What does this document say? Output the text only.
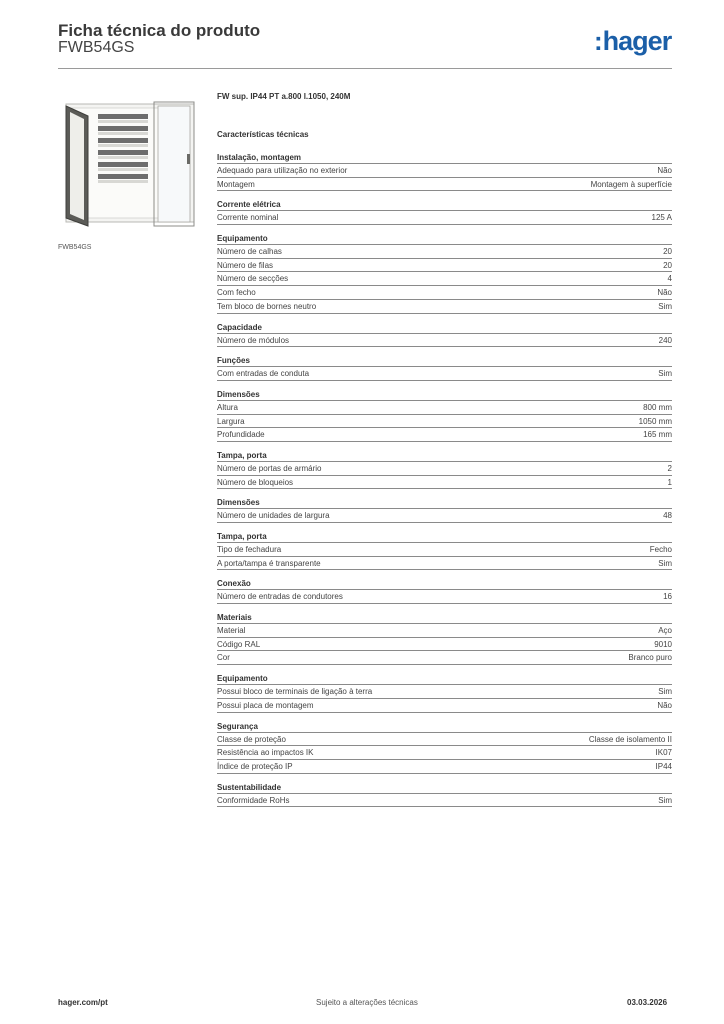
Ficha técnica do produto
FWB54GS	:hager
FWB54GS
FW sup. IP44 PT a.800 l.1050, 240M
Características técnicas
Instalação, montagem
Adequado para utilização no exterior	Não
Montagem	Montagem à superfície
Corrente elétrica
Corrente nominal	125 A
Equipamento
Número de calhas	20
Número de filas	20
Número de secções	4
Com fecho	Não
Tem bloco de bornes neutro	Sim
Capacidade
Número de módulos	240
Funções
Com entradas de conduta	Sim
Dimensões
Altura	800 mm
Largura	1050 mm
Profundidade	165 mm
Tampa, porta
Número de portas de armário	2
Número de bloqueios	1
Dimensões
Número de unidades de largura	48
Tampa, porta
Tipo de fechadura	Fecho
A porta/tampa é transparente	Sim
Conexão
Número de entradas de condutores	16
Materiais
Material	Aço
Código RAL	9010
Cor	Branco puro
Equipamento
Possui bloco de terminais de ligação à terra	Sim
Possui placa de montagem	Não
Segurança
Classe de proteção	Classe de isolamento II
Resistência ao impactos IK	IK07
Índice de proteção IP	IP44
Sustentabilidade
Conformidade RoHs	Sim
hager.com/pt	Sujeito a alterações técnicas	03.03.2026
